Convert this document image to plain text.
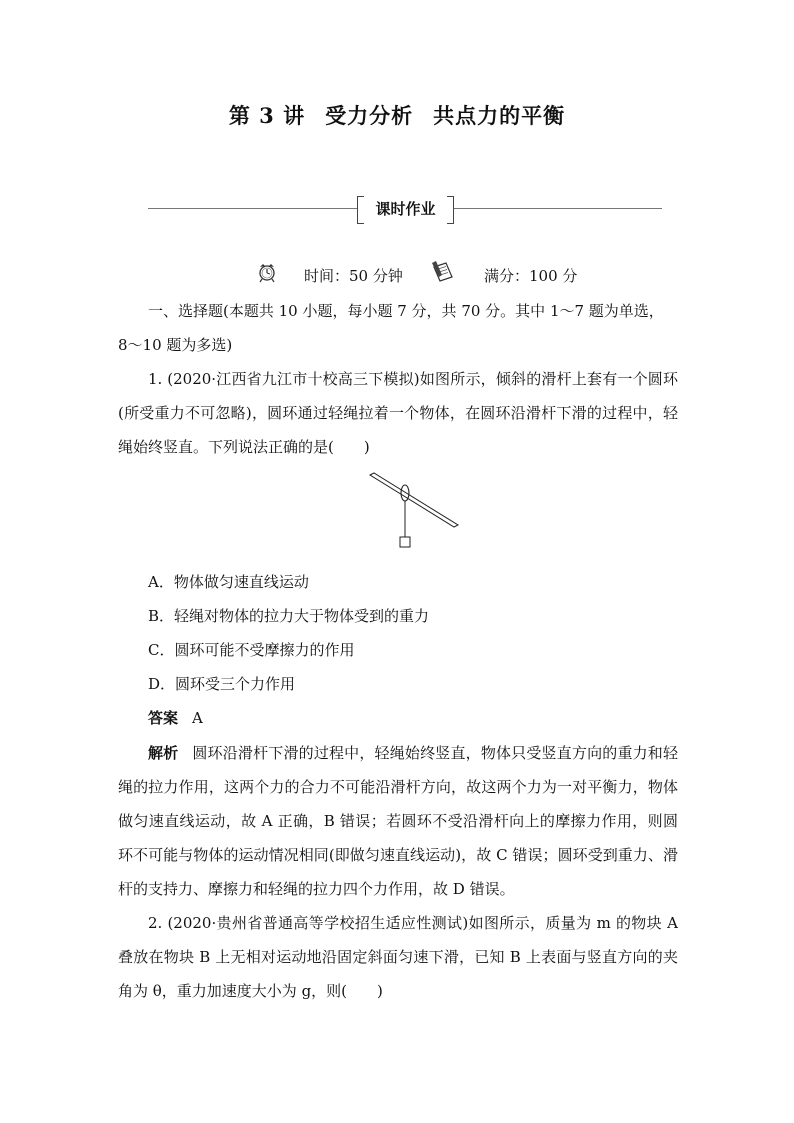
第 3 讲 受力分析 共点力的平衡
课时作业
时间：50 分钟	满分：100 分
一、选择题(本题共 10 小题，每小题 7 分，共 70 分。其中 1～7 题为单选，
8～10 题为多选)
1. (2020·江西省九江市十校高三下模拟)如图所示，倾斜的滑杆上套有一个圆环(所受重力不可忽略)，圆环通过轻绳拉着一个物体，在圆环沿滑杆下滑的过程中，轻绳始终竖直。下列说法正确的是(　　)
A．物体做匀速直线运动
B．轻绳对物体的拉力大于物体受到的重力
C．圆环可能不受摩擦力的作用
D．圆环受三个力作用
答案 A
解析 圆环沿滑杆下滑的过程中，轻绳始终竖直，物体只受竖直方向的重力和轻绳的拉力作用，这两个力的合力不可能沿滑杆方向，故这两个力为一对平衡力，物体做匀速直线运动，故 A 正确，B 错误；若圆环不受沿滑杆向上的摩擦力作用，则圆环不可能与物体的运动情况相同(即做匀速直线运动)，故 C 错误；圆环受到重力、滑杆的支持力、摩擦力和轻绳的拉力四个力作用，故 D 错误。
2. (2020·贵州省普通高等学校招生适应性测试)如图所示，质量为 m 的物块 A 叠放在物块 B 上无相对运动地沿固定斜面匀速下滑，已知 B 上表面与竖直方向的夹角为 θ，重力加速度大小为 g，则(　　)
